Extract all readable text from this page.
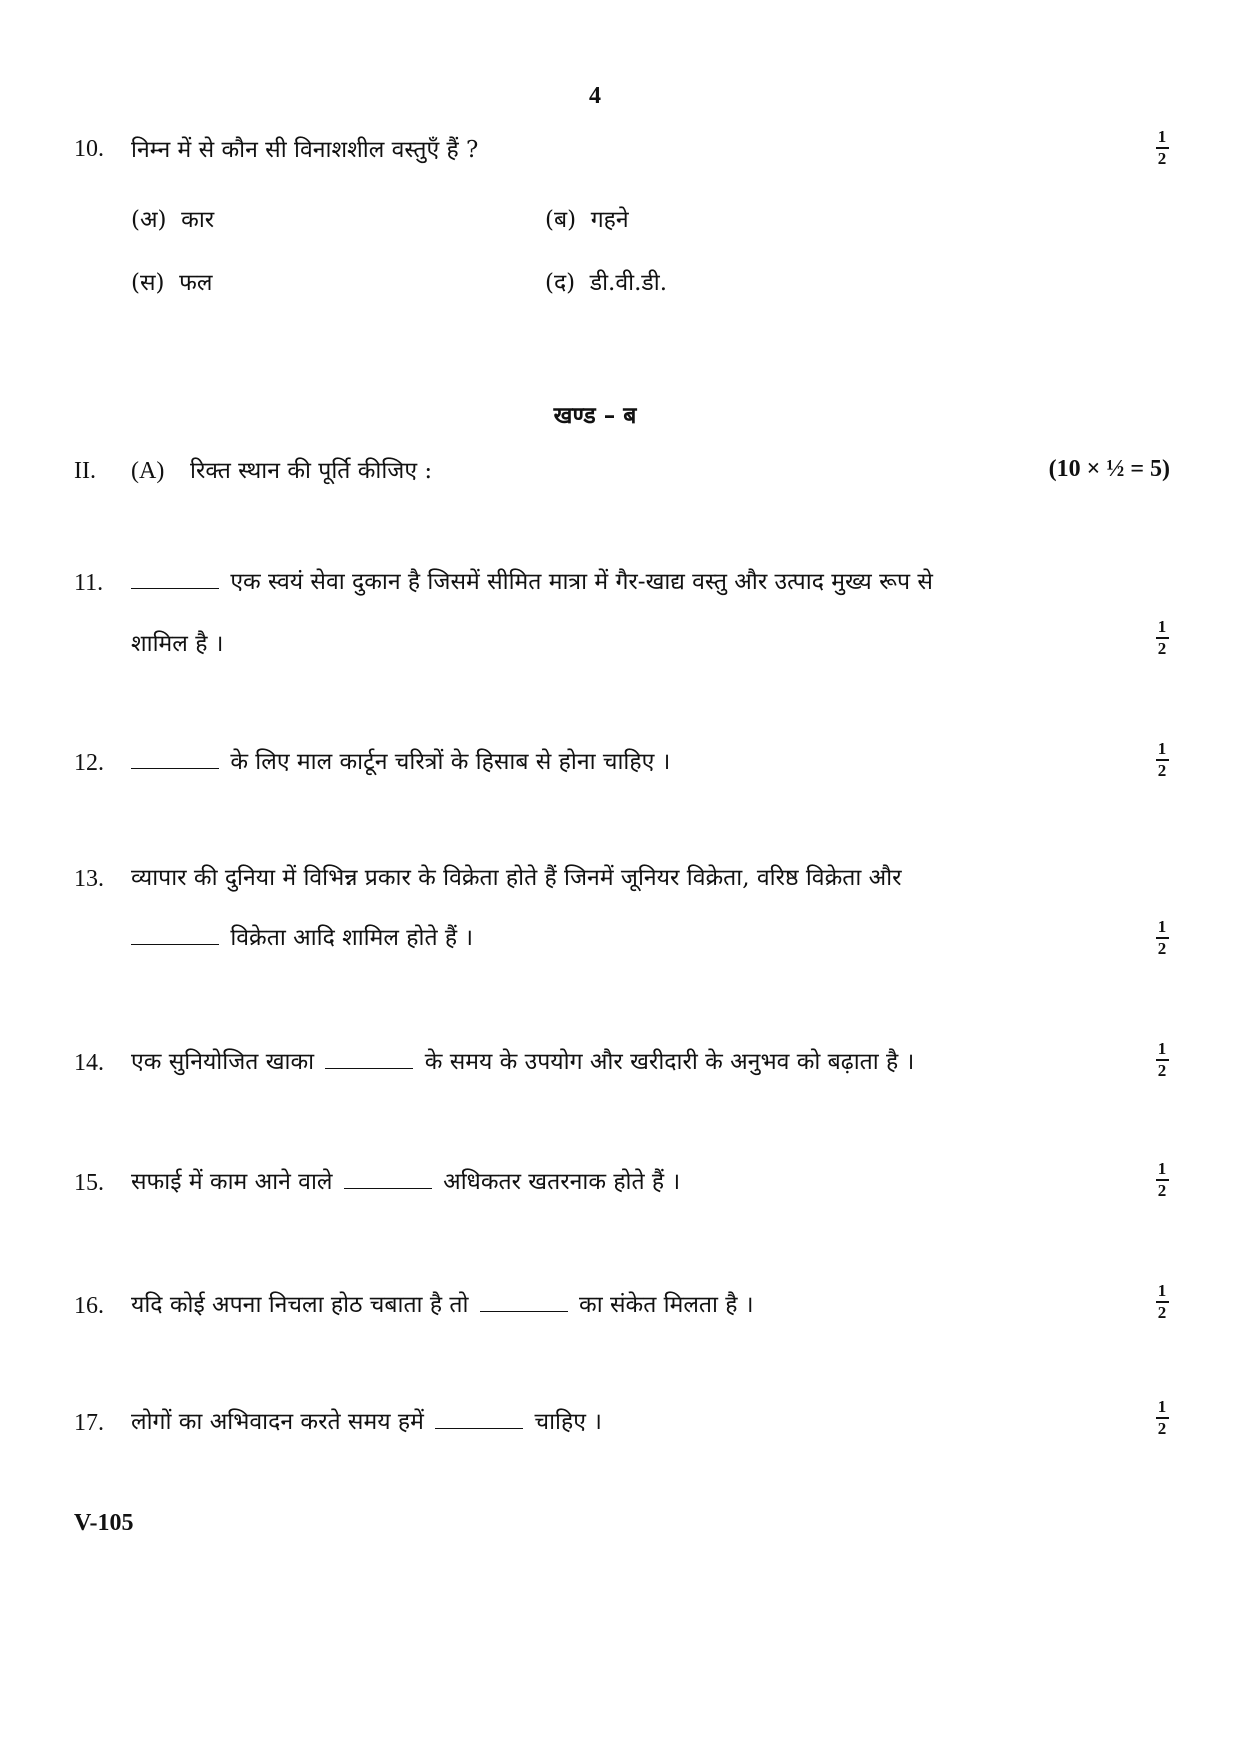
4
10. निम्न में से कौन सी विनाशशील वस्तुएँ हैं ?
1
2
(अ) कार	(ब) गहने
(स) फल	(द) डी.वी.डी.
खण्ड – ब
II. (A) रिक्त स्थान की पूर्ति कीजिए :	(10 × ½ = 5)
11.	एक स्वयं सेवा दुकान है जिसमें सीमित मात्रा में गैर-खाद्य वस्तु और उत्पाद मुख्य रूप से
शामिल है ।
1
2
12.	के लिए माल कार्टून चरित्रों के हिसाब से होना चाहिए ।
1
2
13. व्यापार की दुनिया में विभिन्न प्रकार के विक्रेता होते हैं जिनमें जूनियर विक्रेता, वरिष्ठ विक्रेता और
विक्रेता आदि शामिल होते हैं ।	1
2
14. एक सुनियोजित खाका	के समय के उपयोग और खरीदारी के अनुभव को बढ़ाता है ।
1
2
15. सफाई में काम आने वाले	अधिकतर खतरनाक होते हैं ।
1
2
16. यदि कोई अपना निचला होठ चबाता है तो	का संकेत मिलता है ।
1
2
17. लोगों का अभिवादन करते समय हमें	चाहिए ।
1
2
V-105
